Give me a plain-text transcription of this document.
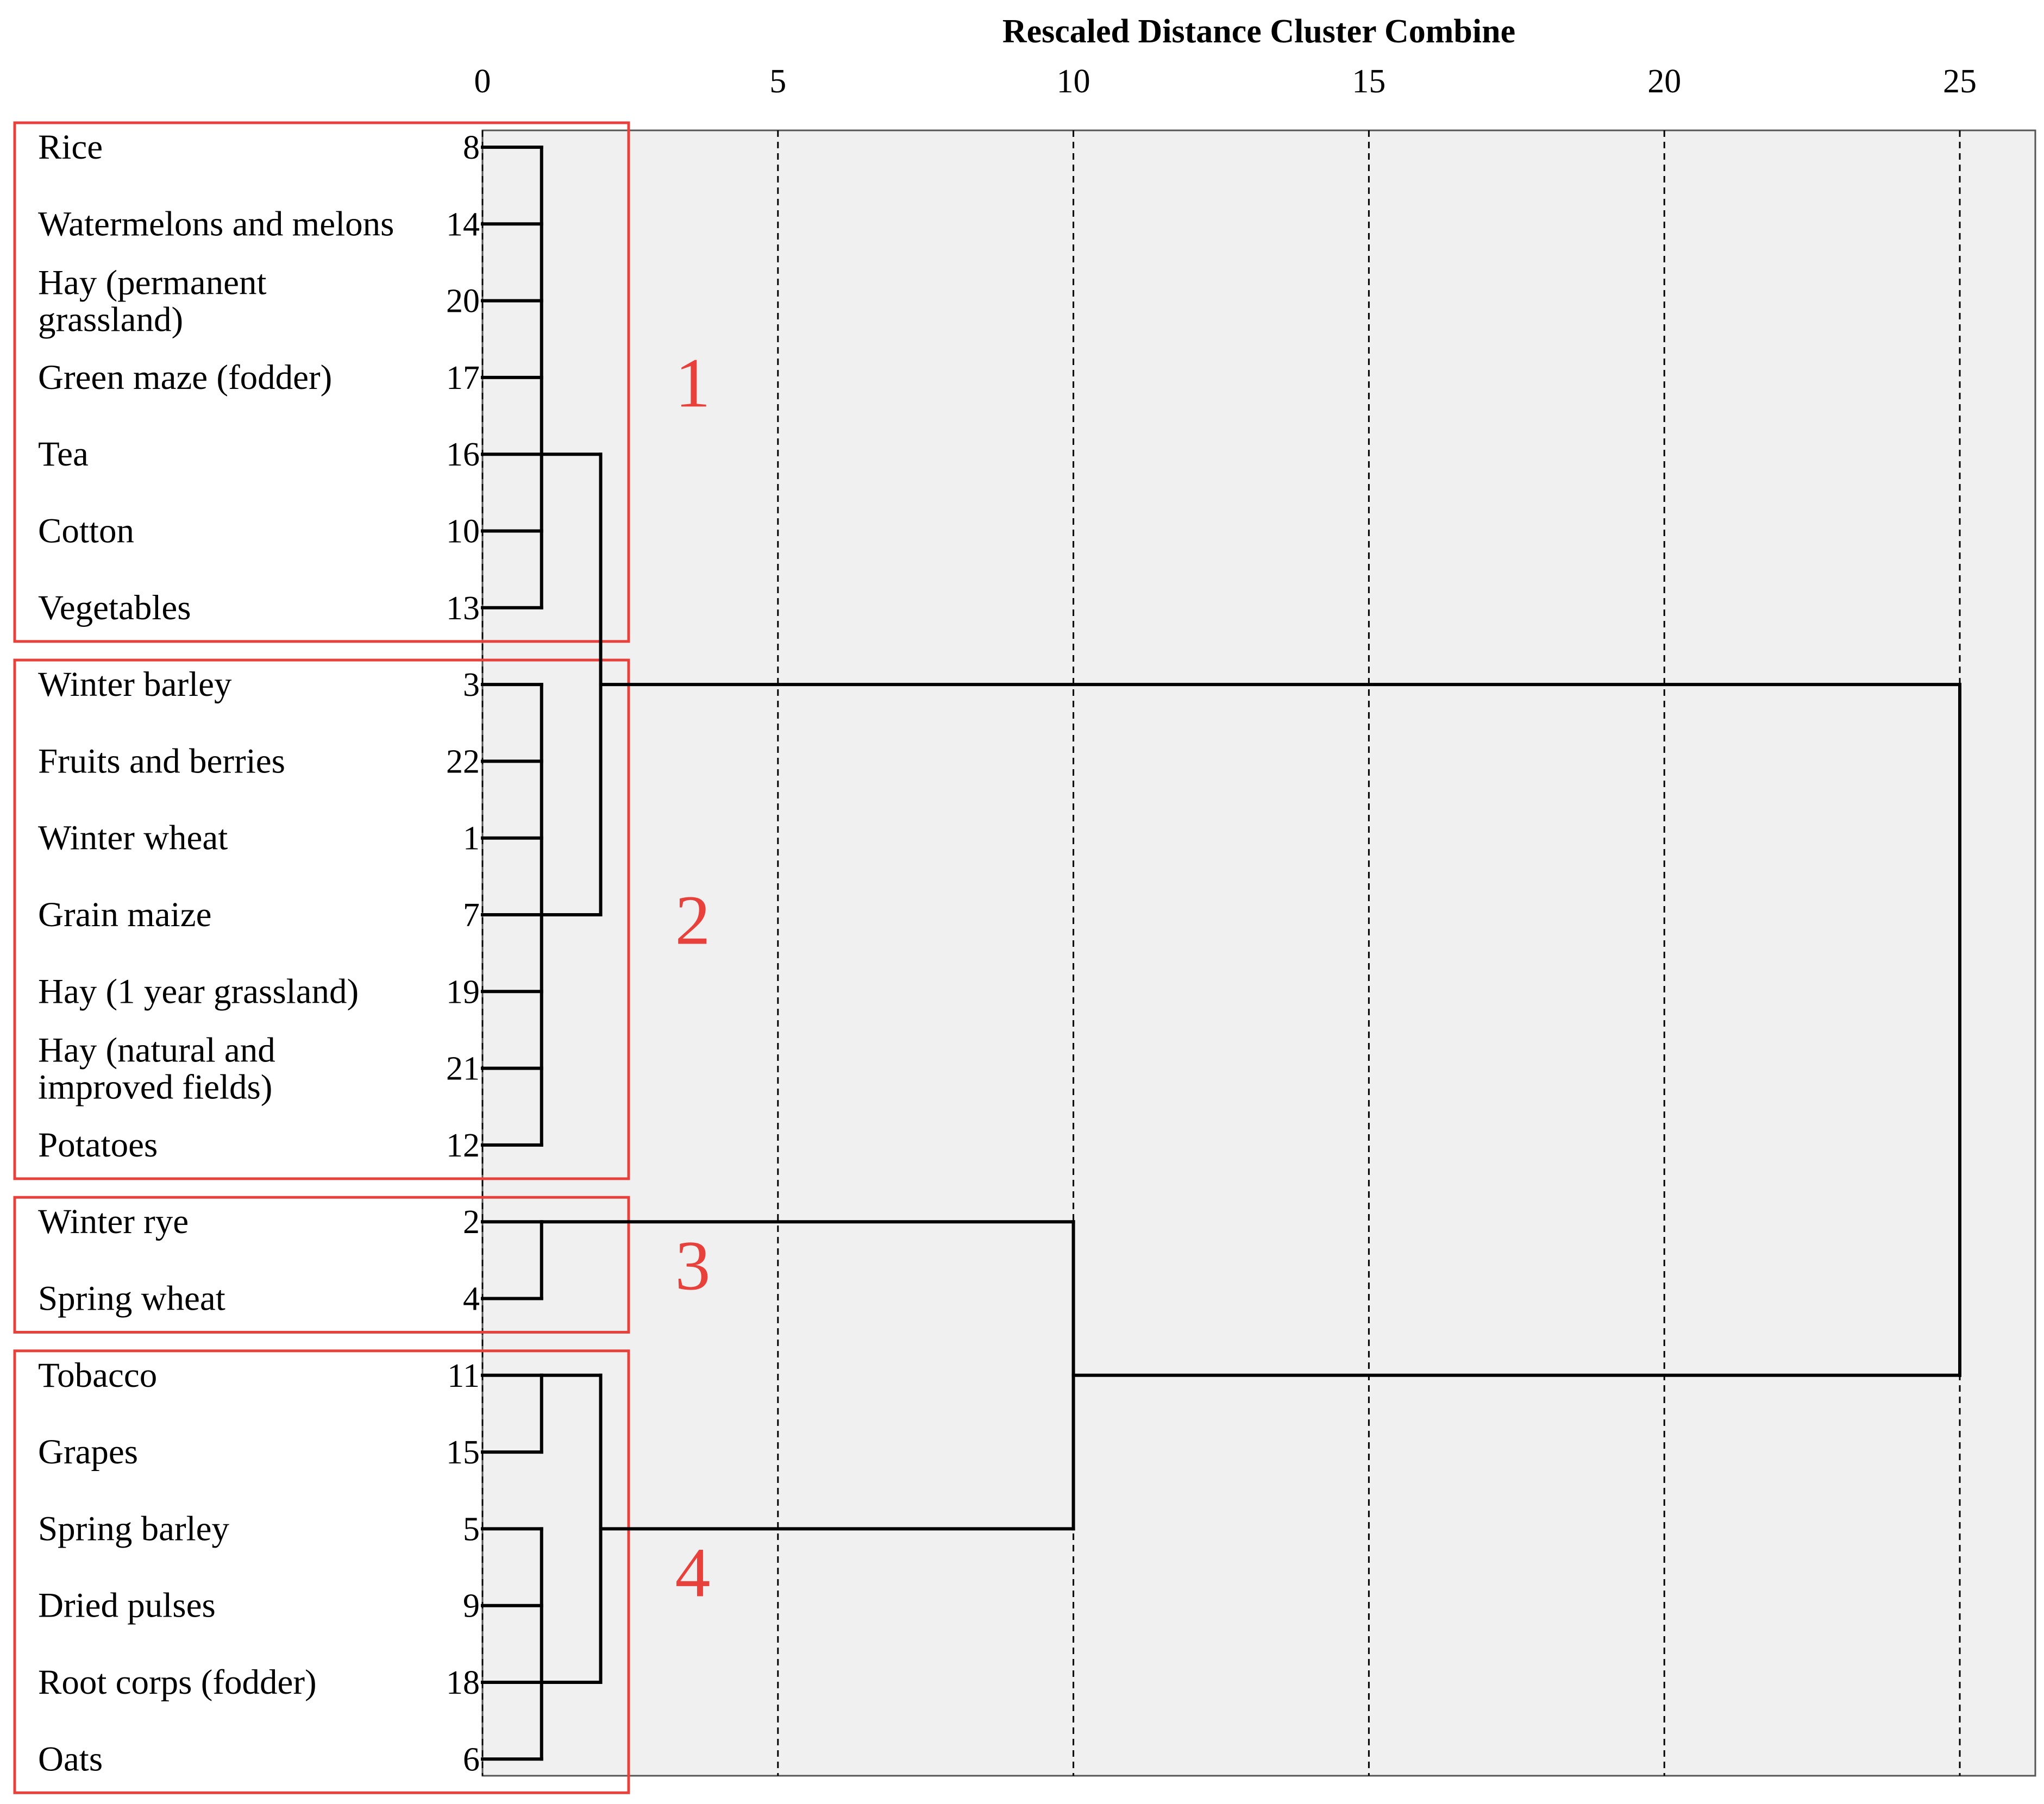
0	5	10	15	20	25
Rescaled Distance Cluster Combine
1
2
3
4
Rice	8
Watermelons and melons 14
Hay (permanent
grassland)	20
Green maze (fodder)	17
Tea	16
Cotton	10
Vegetables	13
Winter barley	3
Fruits and berries	22
Winter wheat	1
Grain maize	7
Hay (1 year grassland)	19
Hay (natural and
improved fields)	21
Potatoes	12
Winter rye	2
Spring wheat	4
Tobacco	11
Grapes	15
Spring barley	5
Dried pulses	9
Root corps (fodder)	18
Oats	6
